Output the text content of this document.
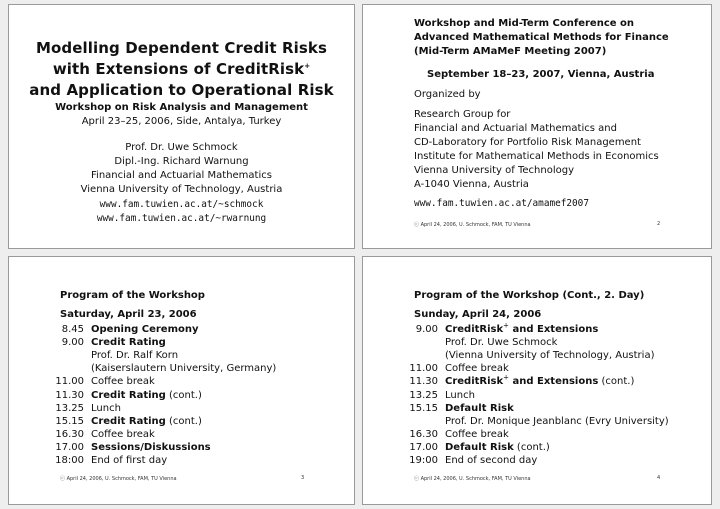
Modelling Dependent Credit Risks
with Extensions of CreditRisk+
and Application to Operational Risk
Workshop on Risk Analysis and Management
April 23–25, 2006, Side, Antalya, Turkey
Prof. Dr. Uwe Schmock
Dipl.-Ing. Richard Warnung
Financial and Actuarial Mathematics
Vienna University of Technology, Austria
www.fam.tuwien.ac.at/~schmock
www.fam.tuwien.ac.at/~rwarnung
Workshop and Mid-Term Conference on
Advanced Mathematical Methods for Finance
(Mid-Term AMaMeF Meeting 2007)
September 18–23, 2007, Vienna, Austria
Organized by
Research Group for
Financial and Actuarial Mathematics and
CD-Laboratory for Portfolio Risk Management
Institute for Mathematical Methods in Economics
Vienna University of Technology
A-1040 Vienna, Austria
www.fam.tuwien.ac.at/amamef2007
ⓒ April 24, 2006, U. Schmock, FAM, TU Vienna	2
Program of the Workshop
Saturday, April 23, 2006
8.45 Opening Ceremony
9.00 Credit Rating
Prof. Dr. Ralf Korn
(Kaiserslautern University, Germany)
11.00 Coffee break
11.30 Credit Rating (cont.)
13.25 Lunch
15.15 Credit Rating (cont.)
16.30 Coffee break
17.00 Sessions/Diskussions
18:00 End of first day
ⓒ April 24, 2006, U. Schmock, FAM, TU Vienna	3
Program of the Workshop (Cont., 2. Day)
Sunday, April 24, 2006
9.00 CreditRisk+ and Extensions
Prof. Dr. Uwe Schmock
(Vienna University of Technology, Austria)
11.00 Coffee break
11.30 CreditRisk+ and Extensions (cont.)
13.25 Lunch
15.15 Default Risk
Prof. Dr. Monique Jeanblanc (Evry University)
16.30 Coffee break
17.00 Default Risk (cont.)
19:00 End of second day
ⓒ April 24, 2006, U. Schmock, FAM, TU Vienna	4
